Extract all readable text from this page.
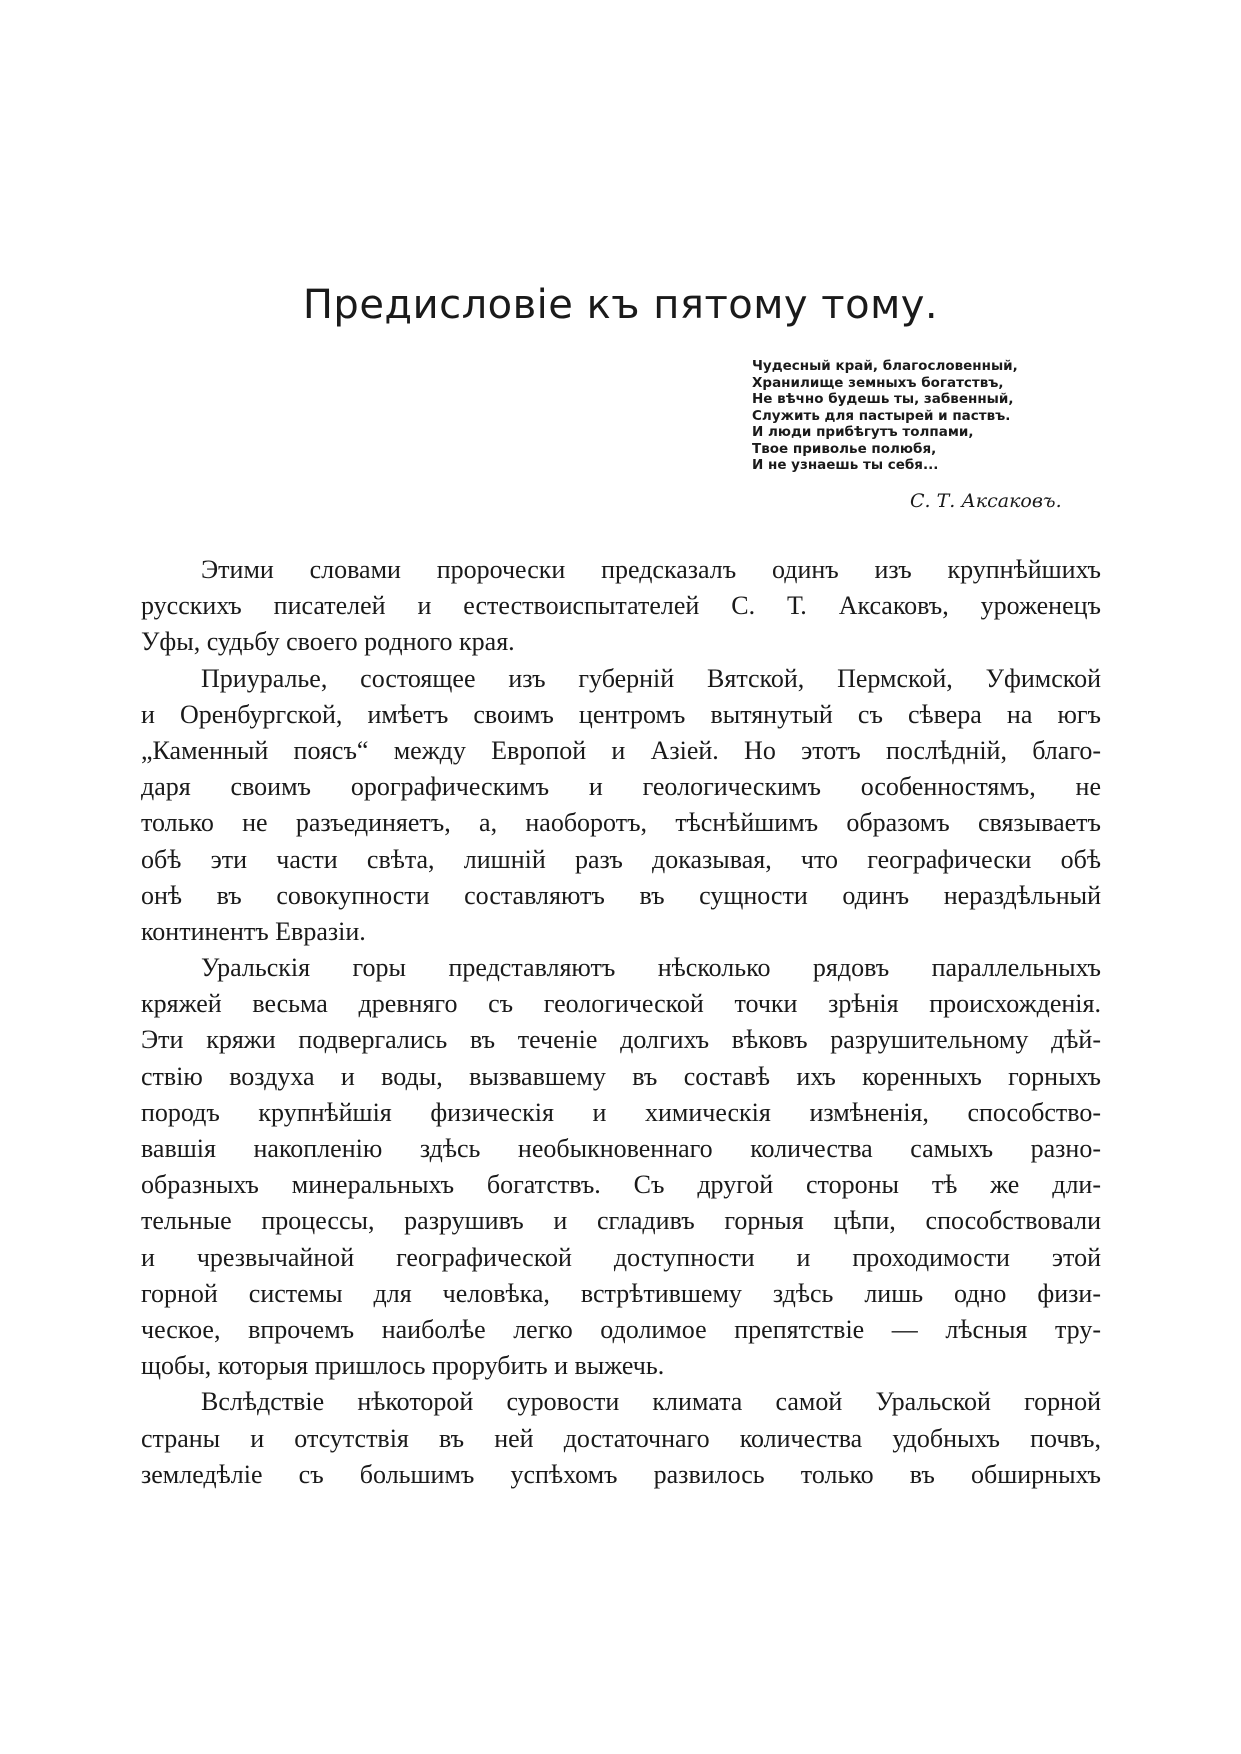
Предисловіе къ пятому тому.
Чудесный край, благословенный,
Хранилище земныхъ богатствъ,
Не вѣчно будешь ты, забвенный,
Служить для пастырей и паствъ.
И люди прибѣгутъ толпами,
Твое приволье полюбя,
И не узнаешь ты себя...
С. Т. Аксаковъ.
Этими словами пророчески предсказалъ одинъ изъ крупнѣйшихъ
русскихъ писателей и естествоиспытателей С. Т. Аксаковъ, уроженецъ
Уфы, судьбу своего родного края.
Приуралье, состоящее изъ губерній Вятской, Пермской, Уфимской
и Оренбургской, имѣетъ своимъ центромъ вытянутый съ сѣвера на югъ
„Каменный поясъ“ между Европой и Азіей. Но этотъ послѣдній, благо-
даря своимъ орографическимъ и геологическимъ особенностямъ, не
только не разъединяетъ, а, наоборотъ, тѣснѣйшимъ образомъ связываетъ
обѣ эти части свѣта, лишній разъ доказывая, что географически обѣ
онѣ въ совокупности составляютъ въ сущности одинъ нераздѣльный
континентъ Евразіи.
Уральскія горы представляютъ нѣсколько рядовъ параллельныхъ
кряжей весьма древняго съ геологической точки зрѣнія происхожденія.
Эти кряжи подвергались въ теченіе долгихъ вѣковъ разрушительному дѣй-
ствію воздуха и воды, вызвавшему въ составѣ ихъ коренныхъ горныхъ
породъ крупнѣйшія физическія и химическія измѣненія, способство-
вавшія накопленію здѣсь необыкновеннаго количества самыхъ разно-
образныхъ минеральныхъ богатствъ. Съ другой стороны тѣ же дли-
тельные процессы, разрушивъ и сгладивъ горныя цѣпи, способствовали
и чрезвычайной географической доступности и проходимости этой
горной системы для человѣка, встрѣтившему здѣсь лишь одно физи-
ческое, впрочемъ наиболѣе легко одолимое препятствіе — лѣсныя тру-
щобы, которыя пришлось прорубить и выжечь.
Вслѣдствіе нѣкоторой суровости климата самой Уральской горной
страны и отсутствія въ ней достаточнаго количества удобныхъ почвъ,
земледѣліе съ большимъ успѣхомъ развилось только въ обширныхъ
